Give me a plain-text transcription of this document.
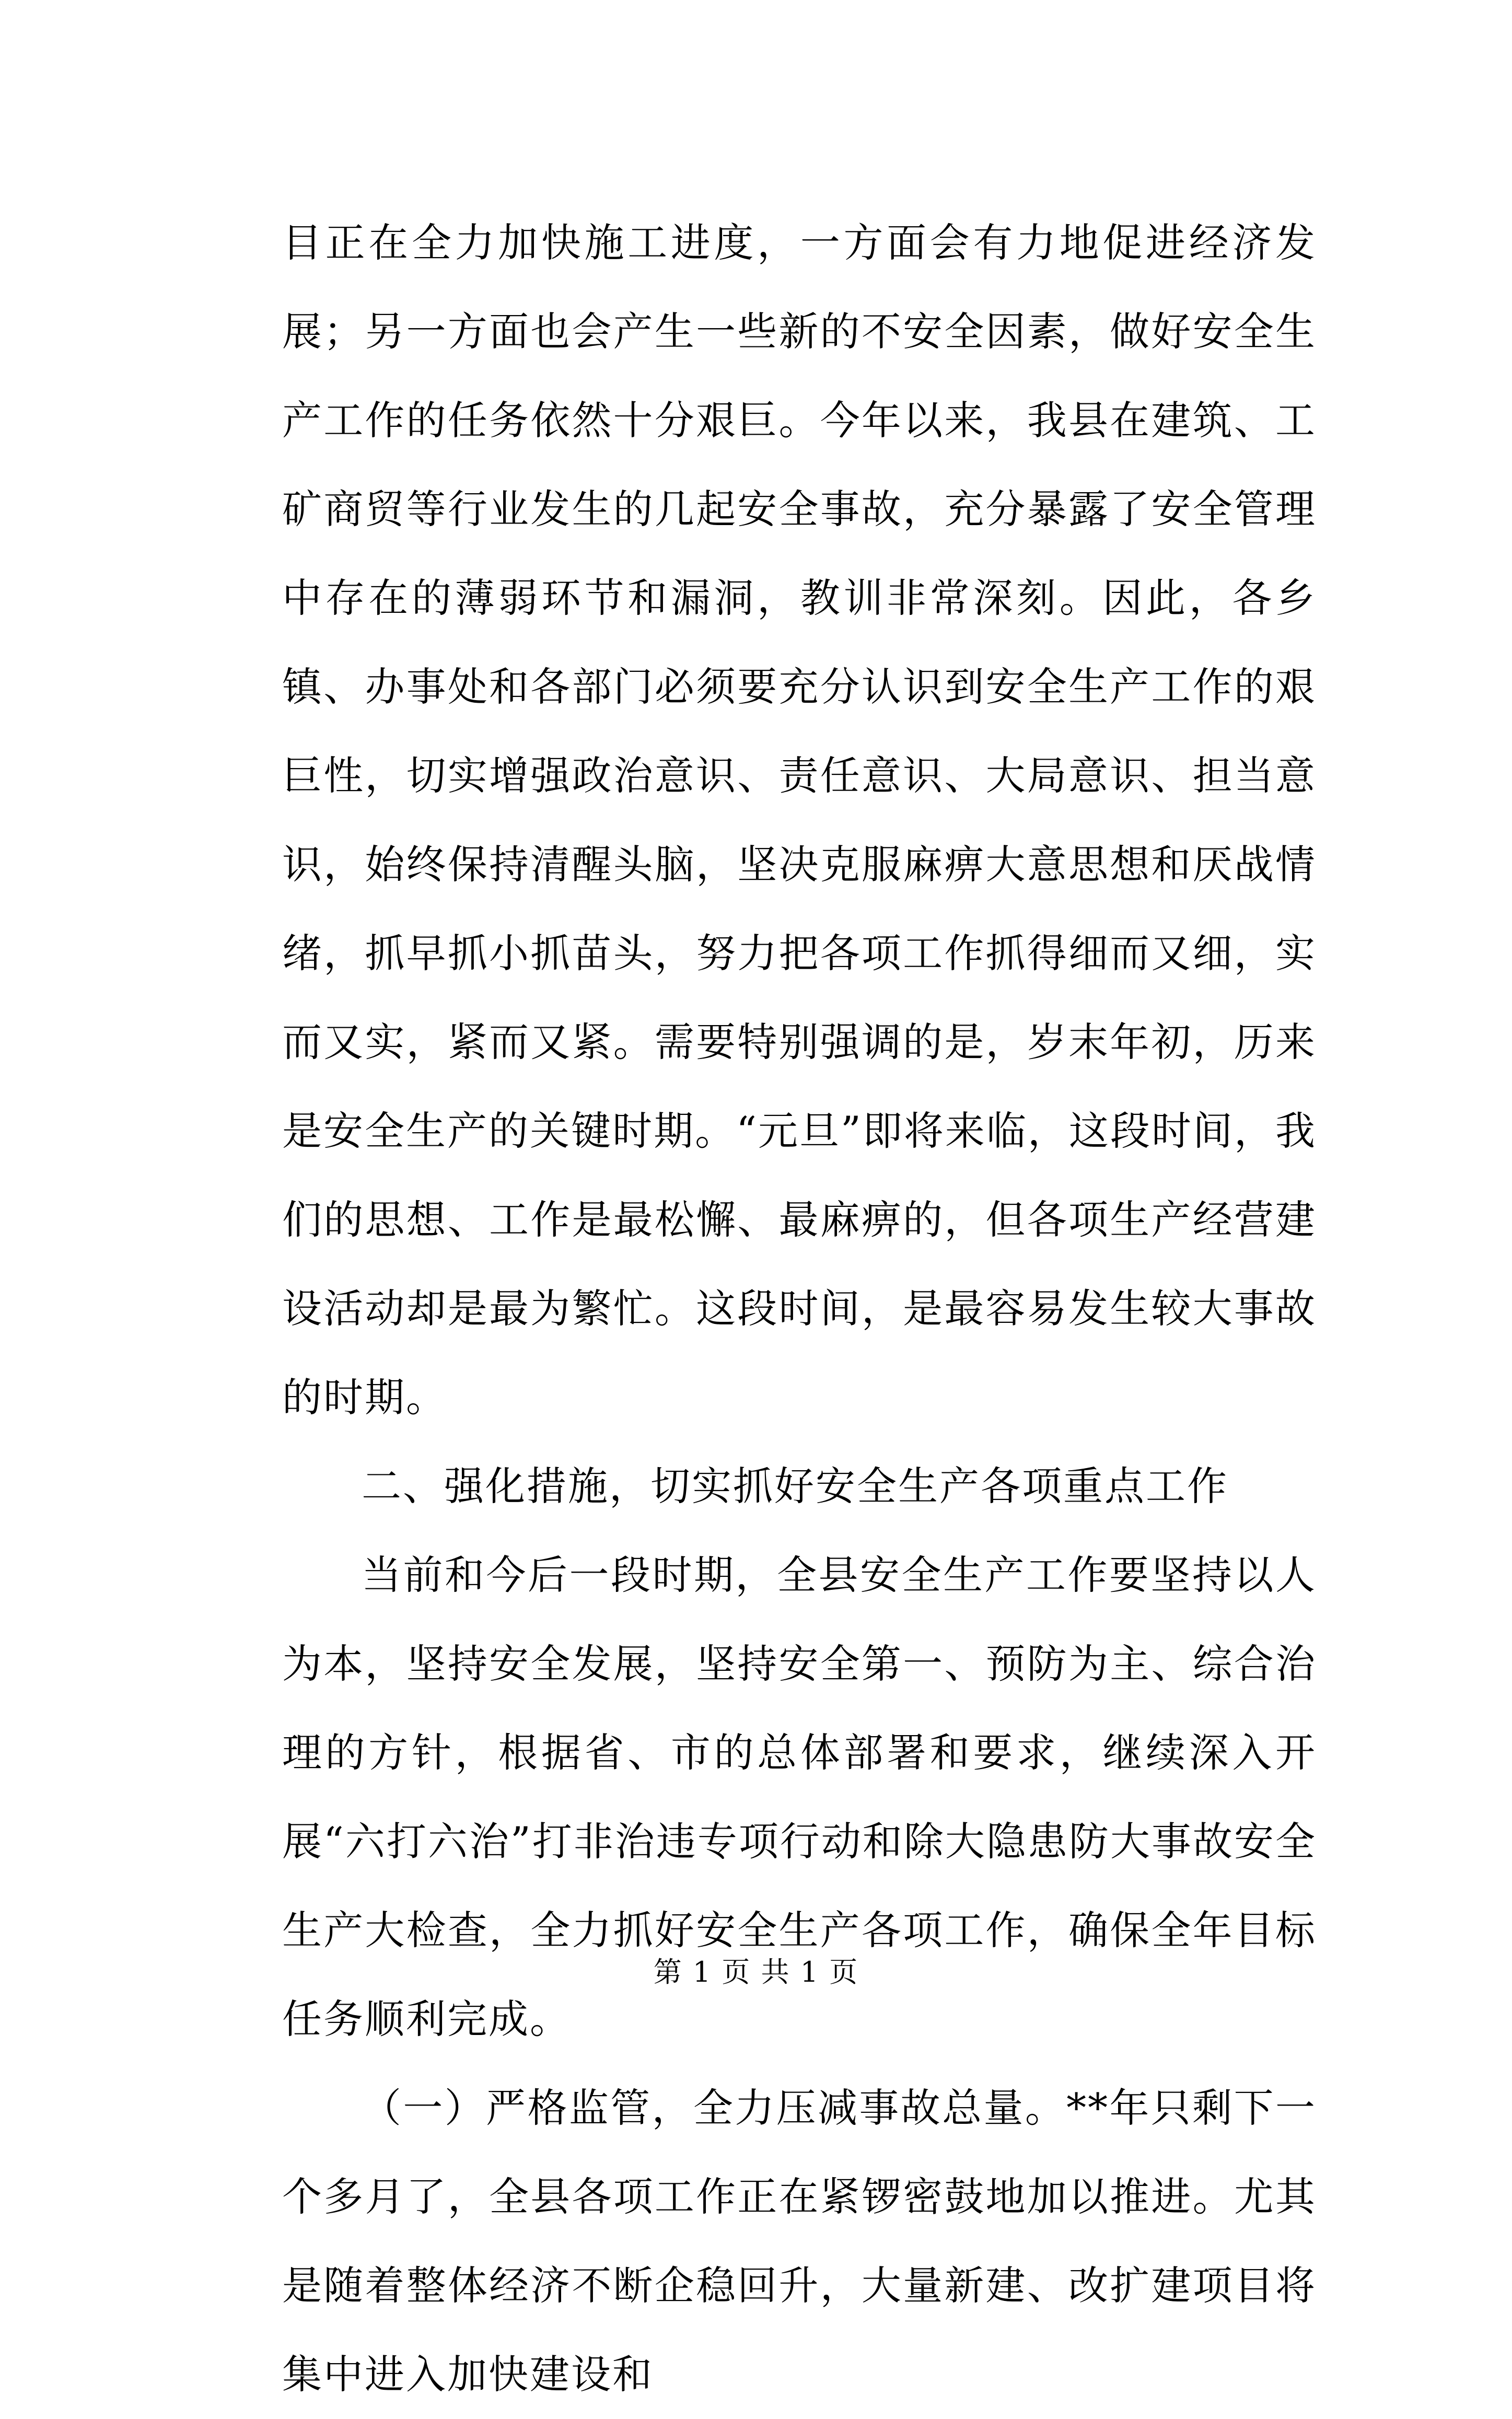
目正在全力加快施工进度，一方面会有力地促进经济发展；另一方面也会产生一些新的不安全因素，做好安全生产工作的任务依然十分艰巨。今年以来，我县在建筑、工矿商贸等行业发生的几起安全事故，充分暴露了安全管理中存在的薄弱环节和漏洞，教训非常深刻。因此，各乡镇、办事处和各部门必须要充分认识到安全生产工作的艰巨性，切实增强政治意识、责任意识、大局意识、担当意识，始终保持清醒头脑，坚决克服麻痹大意思想和厌战情绪，抓早抓小抓苗头，努力把各项工作抓得细而又细，实而又实，紧而又紧。需要特别强调的是，岁末年初，历来是安全生产的关键时期。“元旦”即将来临，这段时间，我们的思想、工作是最松懈、最麻痹的，但各项生产经营建设活动却是最为繁忙。这段时间，是最容易发生较大事故的时期。

二、强化措施，切实抓好安全生产各项重点工作

当前和今后一段时期，全县安全生产工作要坚持以人为本，坚持安全发展，坚持安全第一、预防为主、综合治理的方针，根据省、市的总体部署和要求，继续深入开展“六打六治”打非治违专项行动和除大隐患防大事故安全生产大检查，全力抓好安全生产各项工作，确保全年目标任务顺利完成。

（一）严格监管，全力压减事故总量。**年只剩下一个多月了，全县各项工作正在紧锣密鼓地加以推进。尤其是随着整体经济不断企稳回升，大量新建、改扩建项目将集中进入加快建设和

第 1 页 共 1 页
